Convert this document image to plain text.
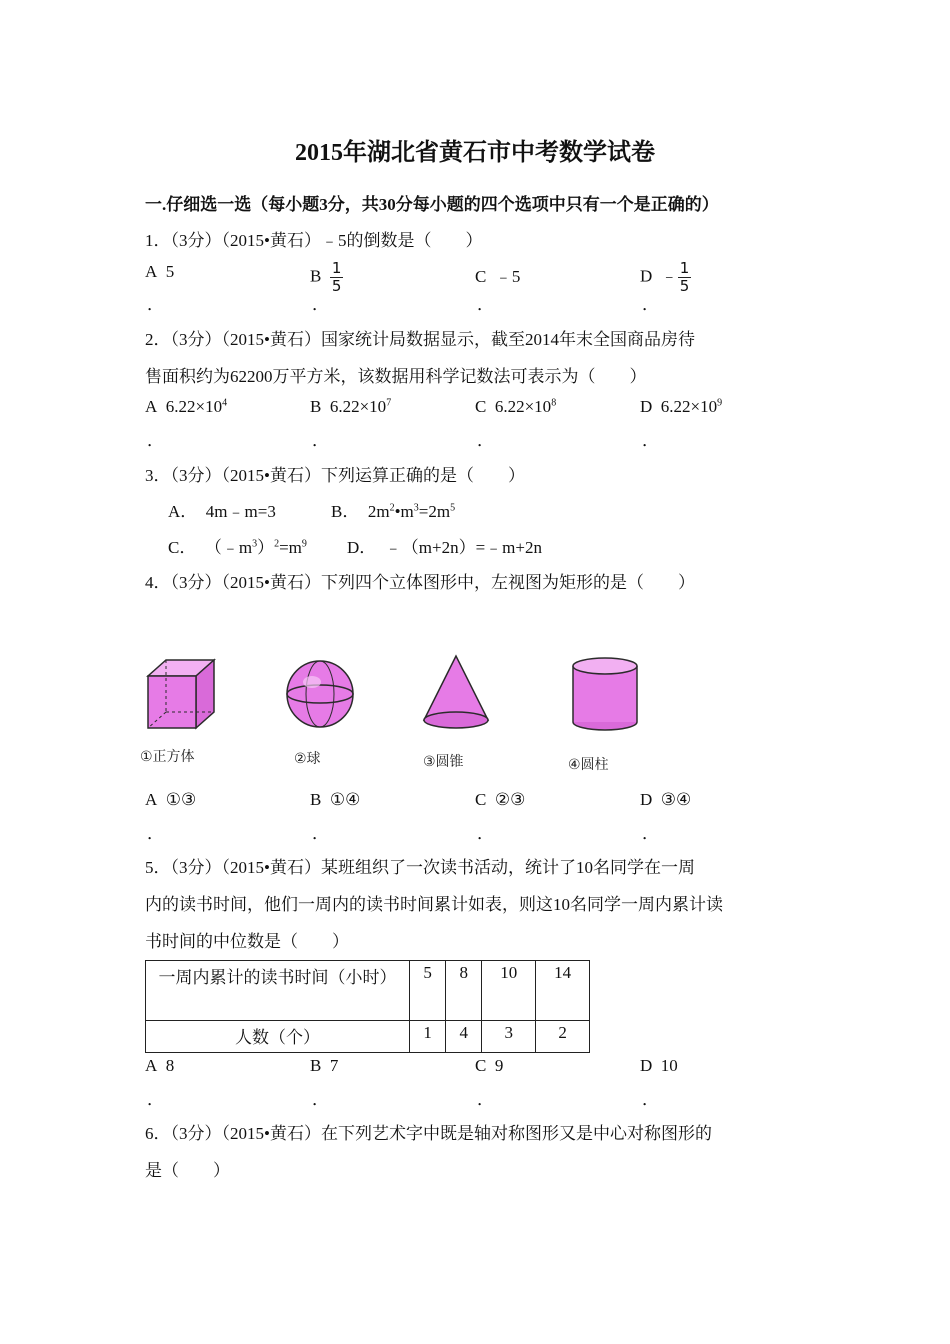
2015年湖北省黄石市中考数学试卷
一.仔细选一选（每小题3分，共30分每小题的四个选项中只有一个是正确的）
1．（3分）（2015•黄石）﹣5的倒数是（　　）
A 5	B $\frac{1}{5}$	C ﹣5	D ﹣ $\frac{1}{5}$
．	．	．	．
2．（3分）（2015•黄石）国家统计局数据显示，截至2014年末全国商品房待
售面积约为62200万平方米，该数据用科学记数法可表示为（　　）
A $6.22\times 10^4$	B $6.22\times 10^7$	C $6.22\times 10^8$	D $6.22\times 10^9$
．	．	．	．
3．（3分）（2015•黄石）下列运算正确的是（　　）
A． 4m﹣m=3	B． $2m^2•m^3=2m^5$
C． $(﹣m^3)^2=m^9$ D． ﹣（m+2n）=﹣m+2n
4．（3分）（2015•黄石）下列四个立体图形中，左视图为矩形的是（　　）
①正方体	②球	③圆锥	④圆柱
A ①③	B ①④	C ②③	D ③④
．	．	．	．
5．（3分）（2015•黄石）某班组织了一次读书活动，统计了10名同学在一周
内的读书时间，他们一周内的读书时间累计如表，则这10名同学一周内累计读
书时间的中位数是（　　）
一周内累计的读书时间（小时）	5	8	10	14
人数（个）	1	4	3	2
A 8	B 7	C 9	D 10
．	．	．	．
6．（3分）（2015•黄石）在下列艺术字中既是轴对称图形又是中心对称图形的
是（　　）
